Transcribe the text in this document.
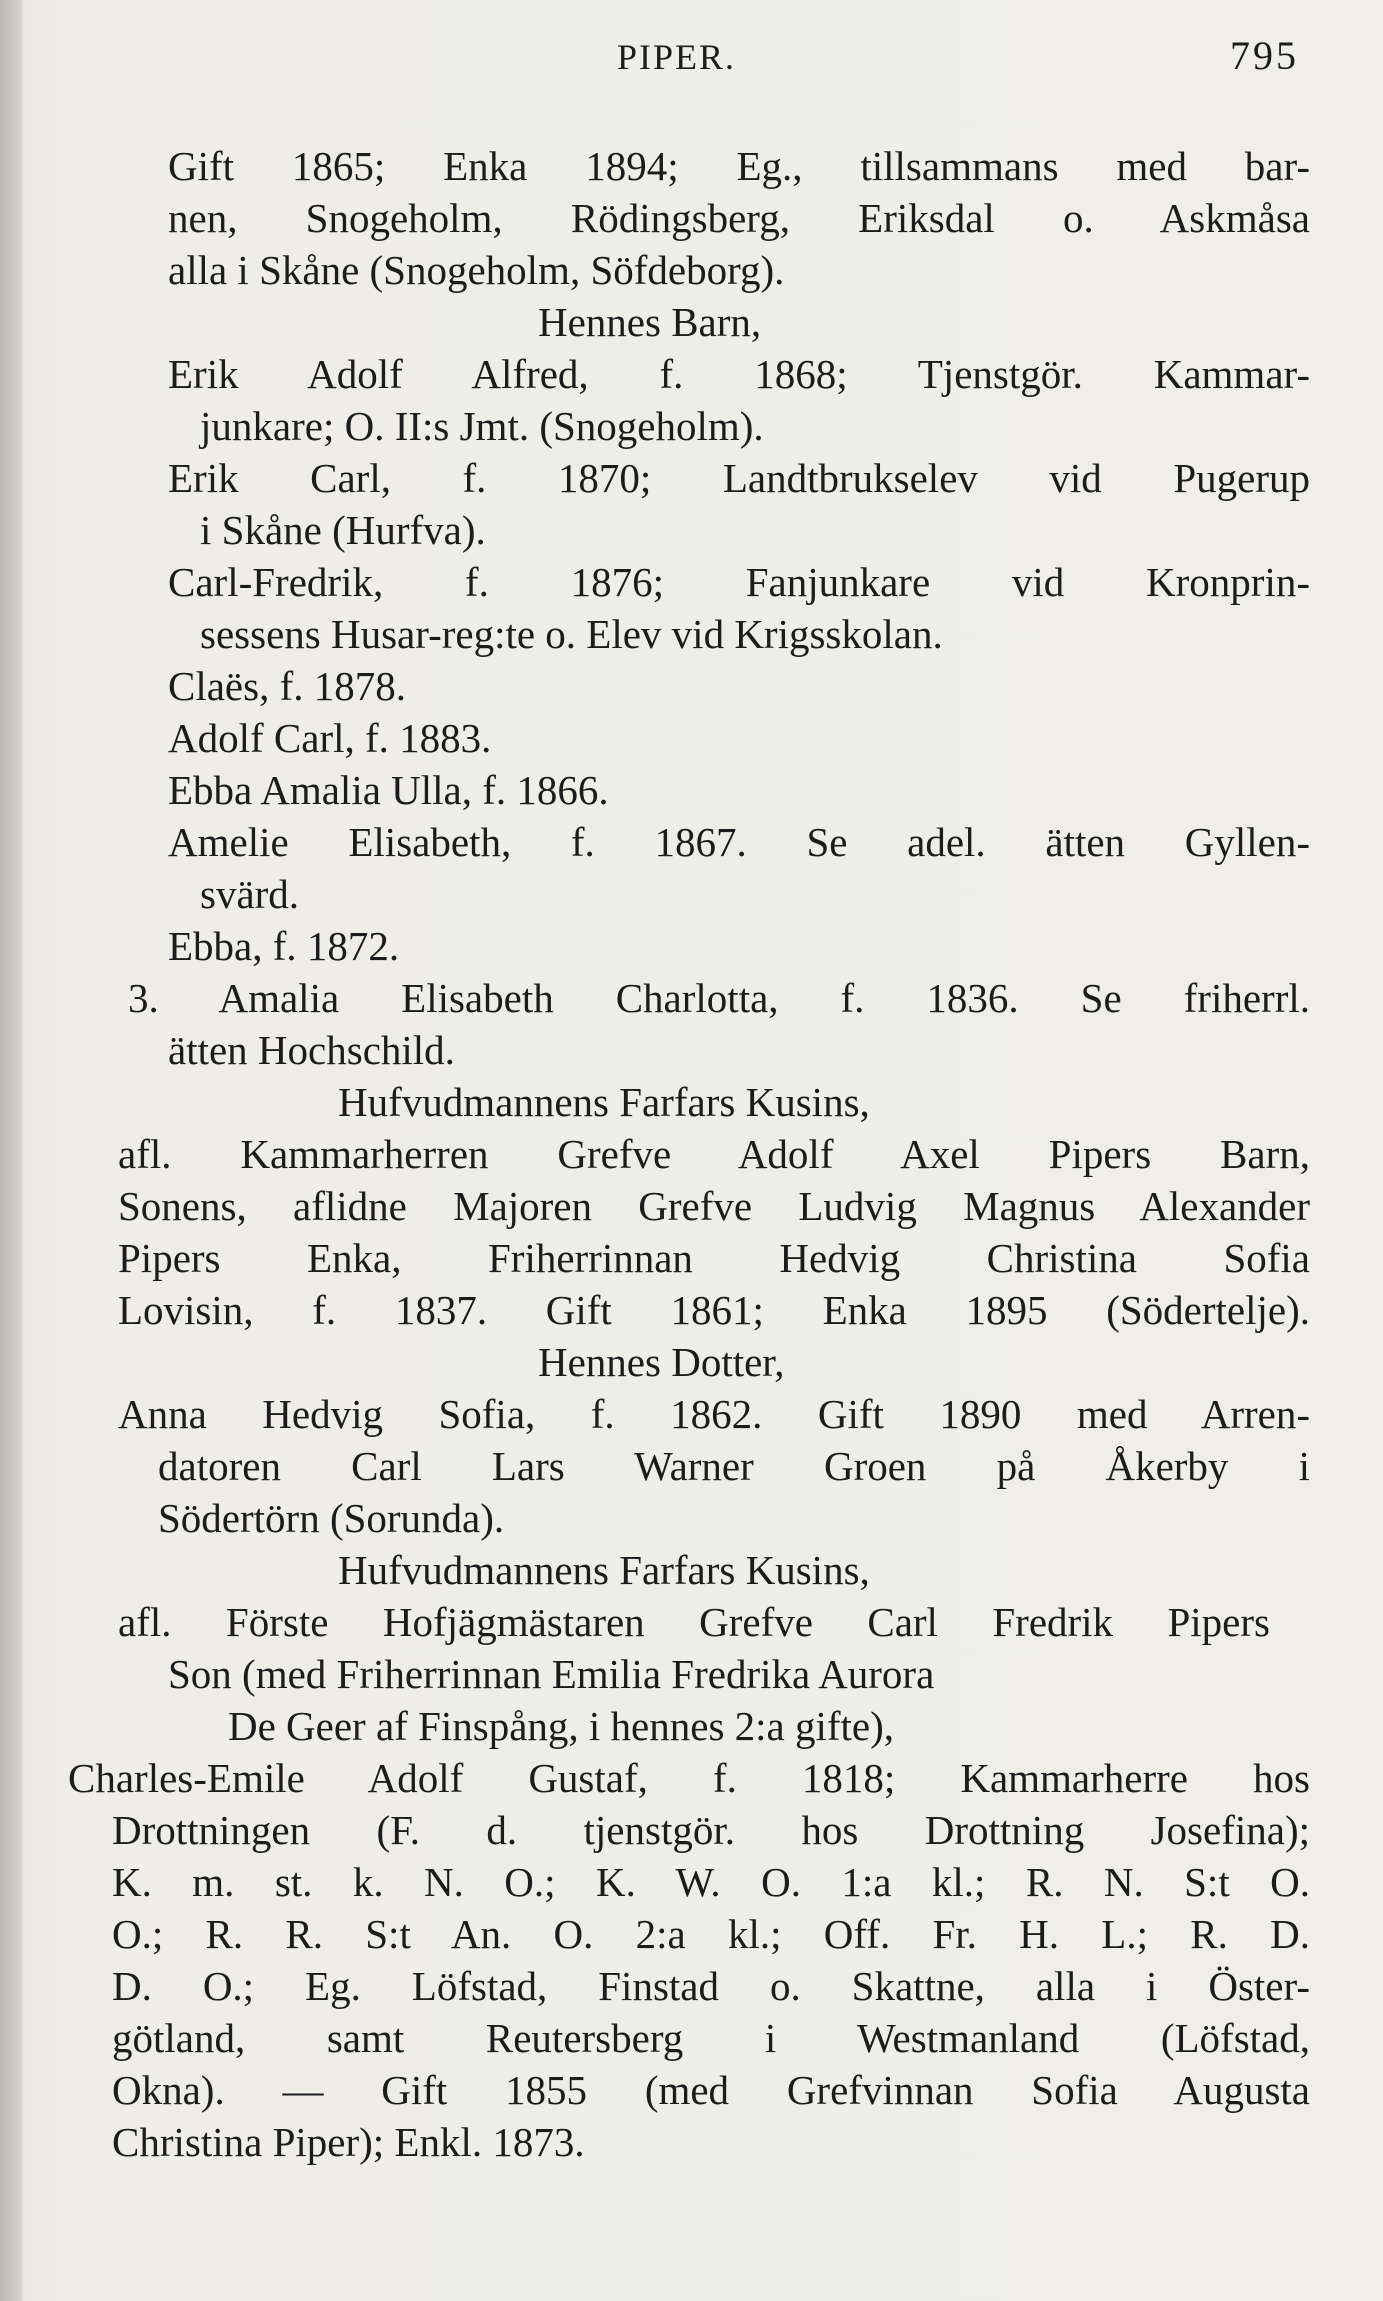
PIPER.	795
Gift 1865; Enka 1894; Eg., tillsammans med bar-
nen, Snogeholm, Rödingsberg, Eriksdal o. Askmåsa
alla i Skåne (Snogeholm, Söfdeborg).
Hennes Barn,
Erik Adolf Alfred, f. 1868; Tjenstgör. Kammar-
junkare; O. II:s Jmt. (Snogeholm).
Erik Carl, f. 1870; Landtbrukselev vid Pugerup
i Skåne (Hurfva).
Carl-Fredrik, f. 1876; Fanjunkare vid Kronprin-
sessens Husar-reg:te o. Elev vid Krigsskolan.
Claës, f. 1878.
Adolf Carl, f. 1883.
Ebba Amalia Ulla, f. 1866.
Amelie Elisabeth, f. 1867. Se adel. ätten Gyllen-
svärd.
Ebba, f. 1872.
3. Amalia Elisabeth Charlotta, f. 1836. Se friherrl.
ätten Hochschild.
Hufvudmannens Farfars Kusins,
afl. Kammarherren Grefve Adolf Axel Pipers Barn,
Sonens, aflidne Majoren Grefve Ludvig Magnus Alexander
Pipers Enka, Friherrinnan Hedvig Christina Sofia
Lovisin, f. 1837. Gift 1861; Enka 1895 (Södertelje).
Hennes Dotter,
Anna Hedvig Sofia, f. 1862. Gift 1890 med Arren-
datoren Carl Lars Warner Groen på Åkerby i
Södertörn (Sorunda).
Hufvudmannens Farfars Kusins,
afl. Förste Hofjägmästaren Grefve Carl Fredrik Pipers
Son (med Friherrinnan Emilia Fredrika Aurora
De Geer af Finspång, i hennes 2:a gifte),
Charles-Emile Adolf Gustaf, f. 1818; Kammarherre hos
Drottningen (F. d. tjenstgör. hos Drottning Josefina);
K. m. st. k. N. O.; K. W. O. 1:a kl.; R. N. S:t O.
O.; R. R. S:t An. O. 2:a kl.; Off. Fr. H. L.; R. D.
D. O.; Eg. Löfstad, Finstad o. Skattne, alla i Öster-
götland, samt Reutersberg i Westmanland (Löfstad,
Okna). — Gift 1855 (med Grefvinnan Sofia Augusta
Christina Piper); Enkl. 1873.
